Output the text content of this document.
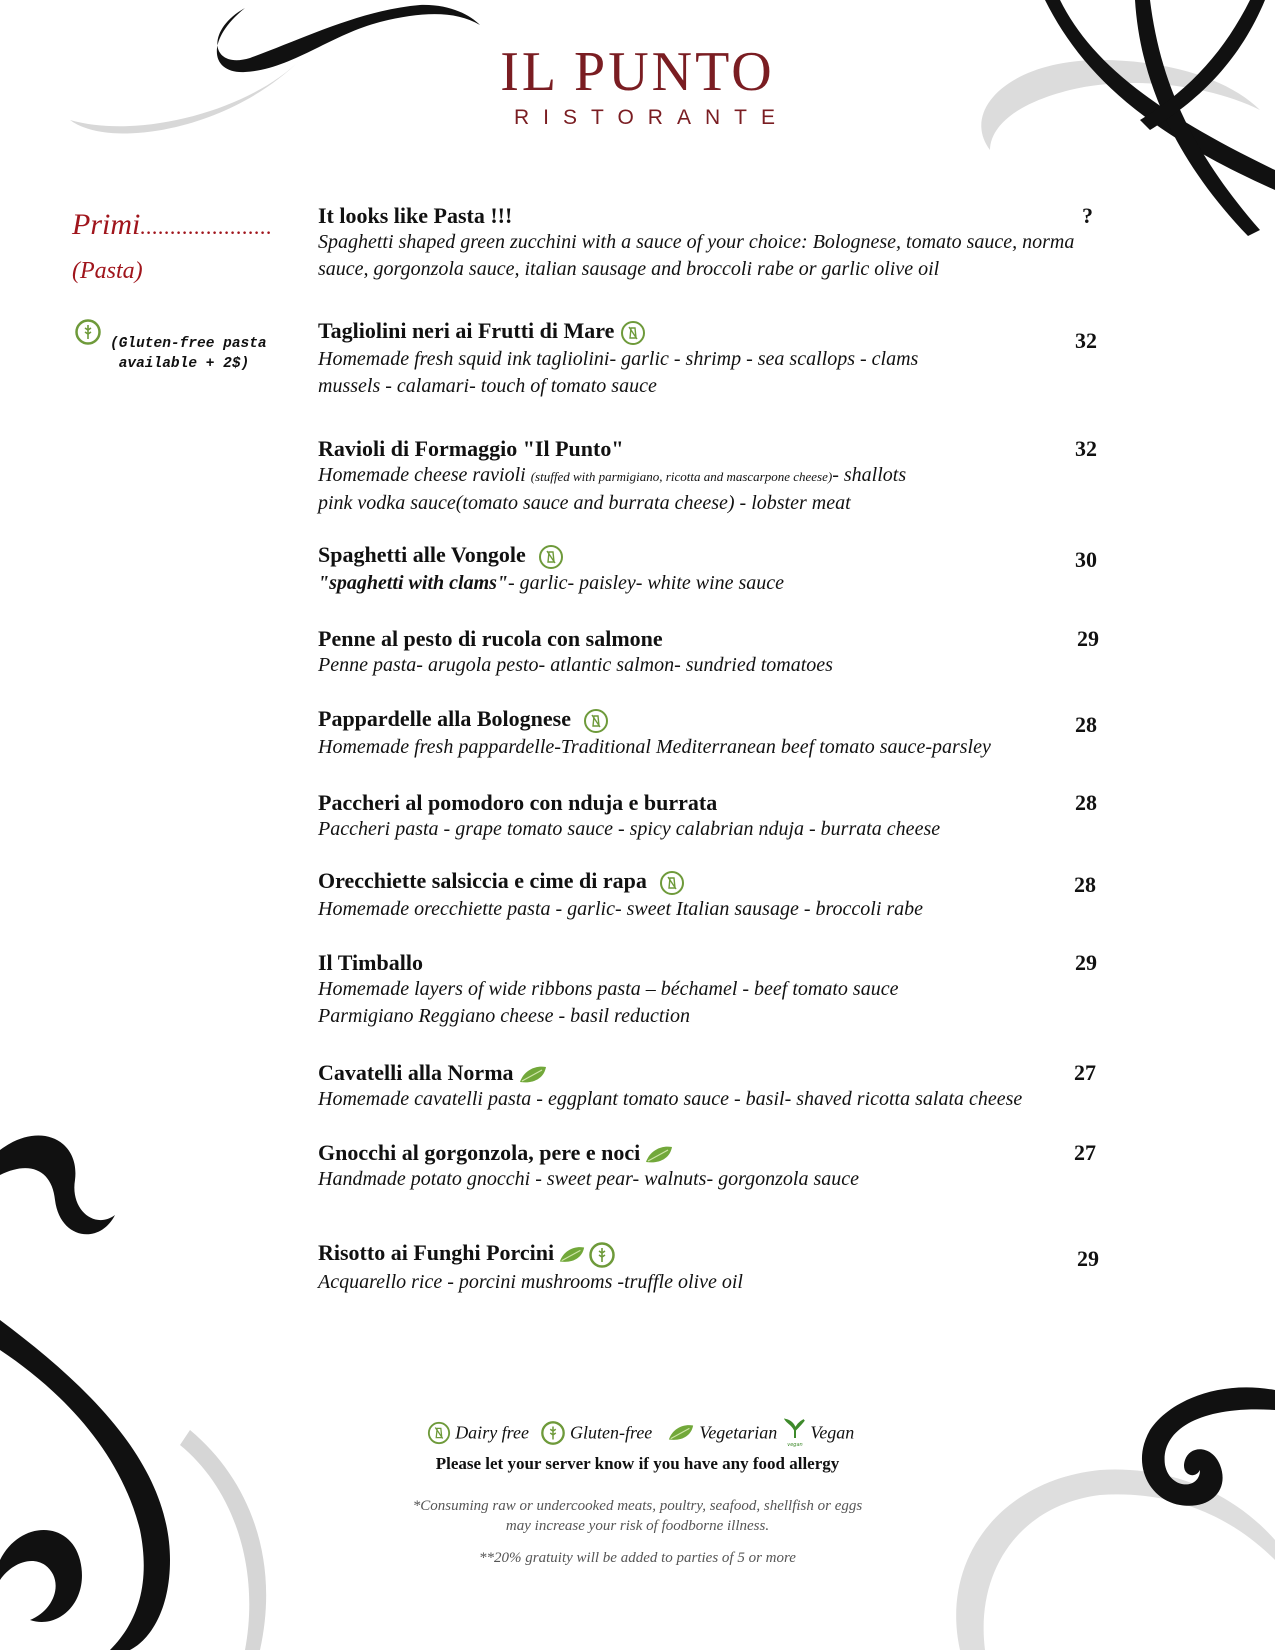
IL PUNTO
RISTORANTE
Primi......................
(Pasta)
(Gluten-free pasta
available + 2$)
It looks like Pasta !!!
Spaghetti shaped green zucchini with a sauce of your choice: Bolognese, tomato sauce, norma sauce, gorgonzola sauce, italian sausage and broccoli rabe or garlic olive oil
?
Tagliolini neri ai Frutti di Mare
Homemade fresh squid ink tagliolini- garlic - shrimp - sea scallops - clams
mussels - calamari- touch of tomato sauce
32
Ravioli di Formaggio "Il Punto"
Homemade cheese ravioli (stuffed with parmigiano, ricotta and mascarpone cheese)- shallots
pink vodka sauce(tomato sauce and burrata cheese) - lobster meat
32
Spaghetti alle Vongole
"spaghetti with clams"- garlic- paisley- white wine sauce
30
Penne al pesto di rucola con salmone
Penne pasta- arugola pesto- atlantic salmon- sundried tomatoes
29
Pappardelle alla Bolognese
Homemade fresh pappardelle-Traditional Mediterranean beef tomato sauce-parsley
28
Paccheri al pomodoro con nduja e burrata
Paccheri pasta - grape tomato sauce - spicy calabrian nduja - burrata cheese
28
Orecchiette salsiccia e cime di rapa
Homemade orecchiette pasta - garlic- sweet Italian sausage - broccoli rabe
28
Il Timballo
Homemade layers of wide ribbons pasta – béchamel - beef tomato sauce
Parmigiano Reggiano cheese - basil reduction
29
Cavatelli alla Norma
Homemade cavatelli pasta - eggplant tomato sauce - basil- shaved ricotta salata cheese
27
Gnocchi al gorgonzola, pere e noci
Handmade potato gnocchi - sweet pear- walnuts- gorgonzola sauce
27
Risotto ai Funghi Porcini
Acquarello rice - porcini mushrooms -truffle olive oil
29
Dairy free Gluten-free	Vegetarian
vegan
Vegan
Please let your server know if you have any food allergy
*Consuming raw or undercooked meats, poultry, seafood, shellfish or eggs
may increase your risk of foodborne illness.
**20% gratuity will be added to parties of 5 or more
